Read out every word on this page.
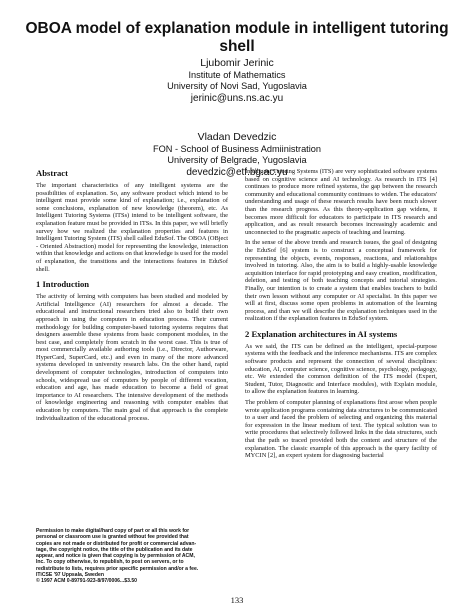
OBOA model of explanation module in intelligent tutoring
shell
Ljubomir Jerinic
Institute of Mathematics
University of Novi Sad, Yugoslavia
jerinic@uns.ns.ac.yu
Vladan Devedzic
FON - School of Business Admiinistration
University of Belgrade, Yugoslavia
devedzic@etf.bg.ac.yu
Abstract

The important characteristics of any intelligent systems are the possibilities of explanation. So, any software product which intend to be intelligent must provide some kind of explanation; i.e., explanation of some conclusions, explanation of new knowledge (theorem), etc. As Intelligent Tutoring Systems (ITSs) intend to be intelligent software, the explanation feature must be provided in ITSs. In this paper, we will briefly survey how we realized the explanation properties and features in Intelligent Tutoring System (ITS) shell called EduSof. The OBOA (OBject - Oriented Abstraction) model for representing the knowledge, interaction within that knowledge and actions on that knowledge is used for the model of explanation, the transitions and the interactions features in EduSof shell.

1 Introduction

The activity of lerning with computers has been studied and modeled by Artificial Intelligence (AI) researchers for almost a decade. The educational and instructional researchers tried also to build their own approach in using the computers in education process. Their current methodology for building computer-based tutoring systems requires that designers assemble these systems from basic component modules, in the best case, and completely from scratch in the worst case. This is true of most commercially available authoring tools (i.e., Director, Authorware, HyperCard, SuperCard, etc.) and even in many of the more advanced systems developed in university research labs. On the other hand, rapid development of computer technologies, introduction of computers into schools, widespread use of computers by people of different vocation, education and age, has made education to become a field of great importance to AI researchers. The intensive development of the methods of knowledge engineering and reasoning with computer enables that education by computers. The main goal of that approach is the complete individualization of the educational process.

Permission to make digital/hard copy of part or all this work for
personal or classroom use is granted without fee provided that
copies are not made or distributed for profit or commercial advan-
tage, the copyright notice, the title of the publication and its date
appear, and notice is given that copying is by permission of ACM,
Inc. To copy otherwise, to republish, to post on servers, or to
redistribute to lists, requires prior specific permission and/or a fee.
ITiCSE '97 Uppsala, Sweden
© 1997 ACM 0-89791-923-8/97/0006...$3.50

Intelligent Tutoring Systems (ITS) are very sophisticated software systems based on cognitive science and AI technology. As research in ITS [4] continues to produce more refined systems, the gap between the research community and educational community continues to widen. The educators' understanding and usage of these research results have been much slower than the research progress. As this theory-application gap widens, it becomes more difficult for educators to participate in ITS research and application, and as result research becomes increasingly academic and unconnected to the pragmatic aspects of teaching and learning.

In the sense of the above trends and research issues, the goal of designing the EduSof [6] system is to construct a conceptual framework for representing the objects, events, responses, reactions, and relationships involved in tutoring. Also, the aim is to build a highly-usable knowledge acquisition interface for rapid prototyping and easy creation, modification, deletion, and testing of both teaching concepts and tutorial strategies. Finally, our intention is to create a system that enables teachers to build their own lesson without any computer or AI specialist. In this paper we will at first, discuss some open problems in automation of the learning process, and than we will describe the explanation techniques used in the realization if the explanation features in EduSof system.

2 Explanation architectures in AI systems

As we said, the ITS can be defined as the intelligent, special-purpose systems with the feedback and the inference mechanisms. ITS are complex software products and represent the connection of several disciplines: education, AI, computer science, cognitive science, psychology, pedagogy, etc. We extended the common definition of the ITS model (Expert, Student, Tutor, Diagnostic and Interface modules), with Explain module, to allow the explanation features in learning.

The problem of computer planning of explanations first arose when people wrote application programs containing data structures to be communicated to a user and faced the problem of selecting and organizing this material for expression in the linear medium of text. The typical solution was to write procedures that selectively followed links in the data structures, such that the path so traced provided both the content and structure of the explanation. The classic example of this approach is the query facility of MYCIN [2], an expert system for diagnosing bacterial

133
